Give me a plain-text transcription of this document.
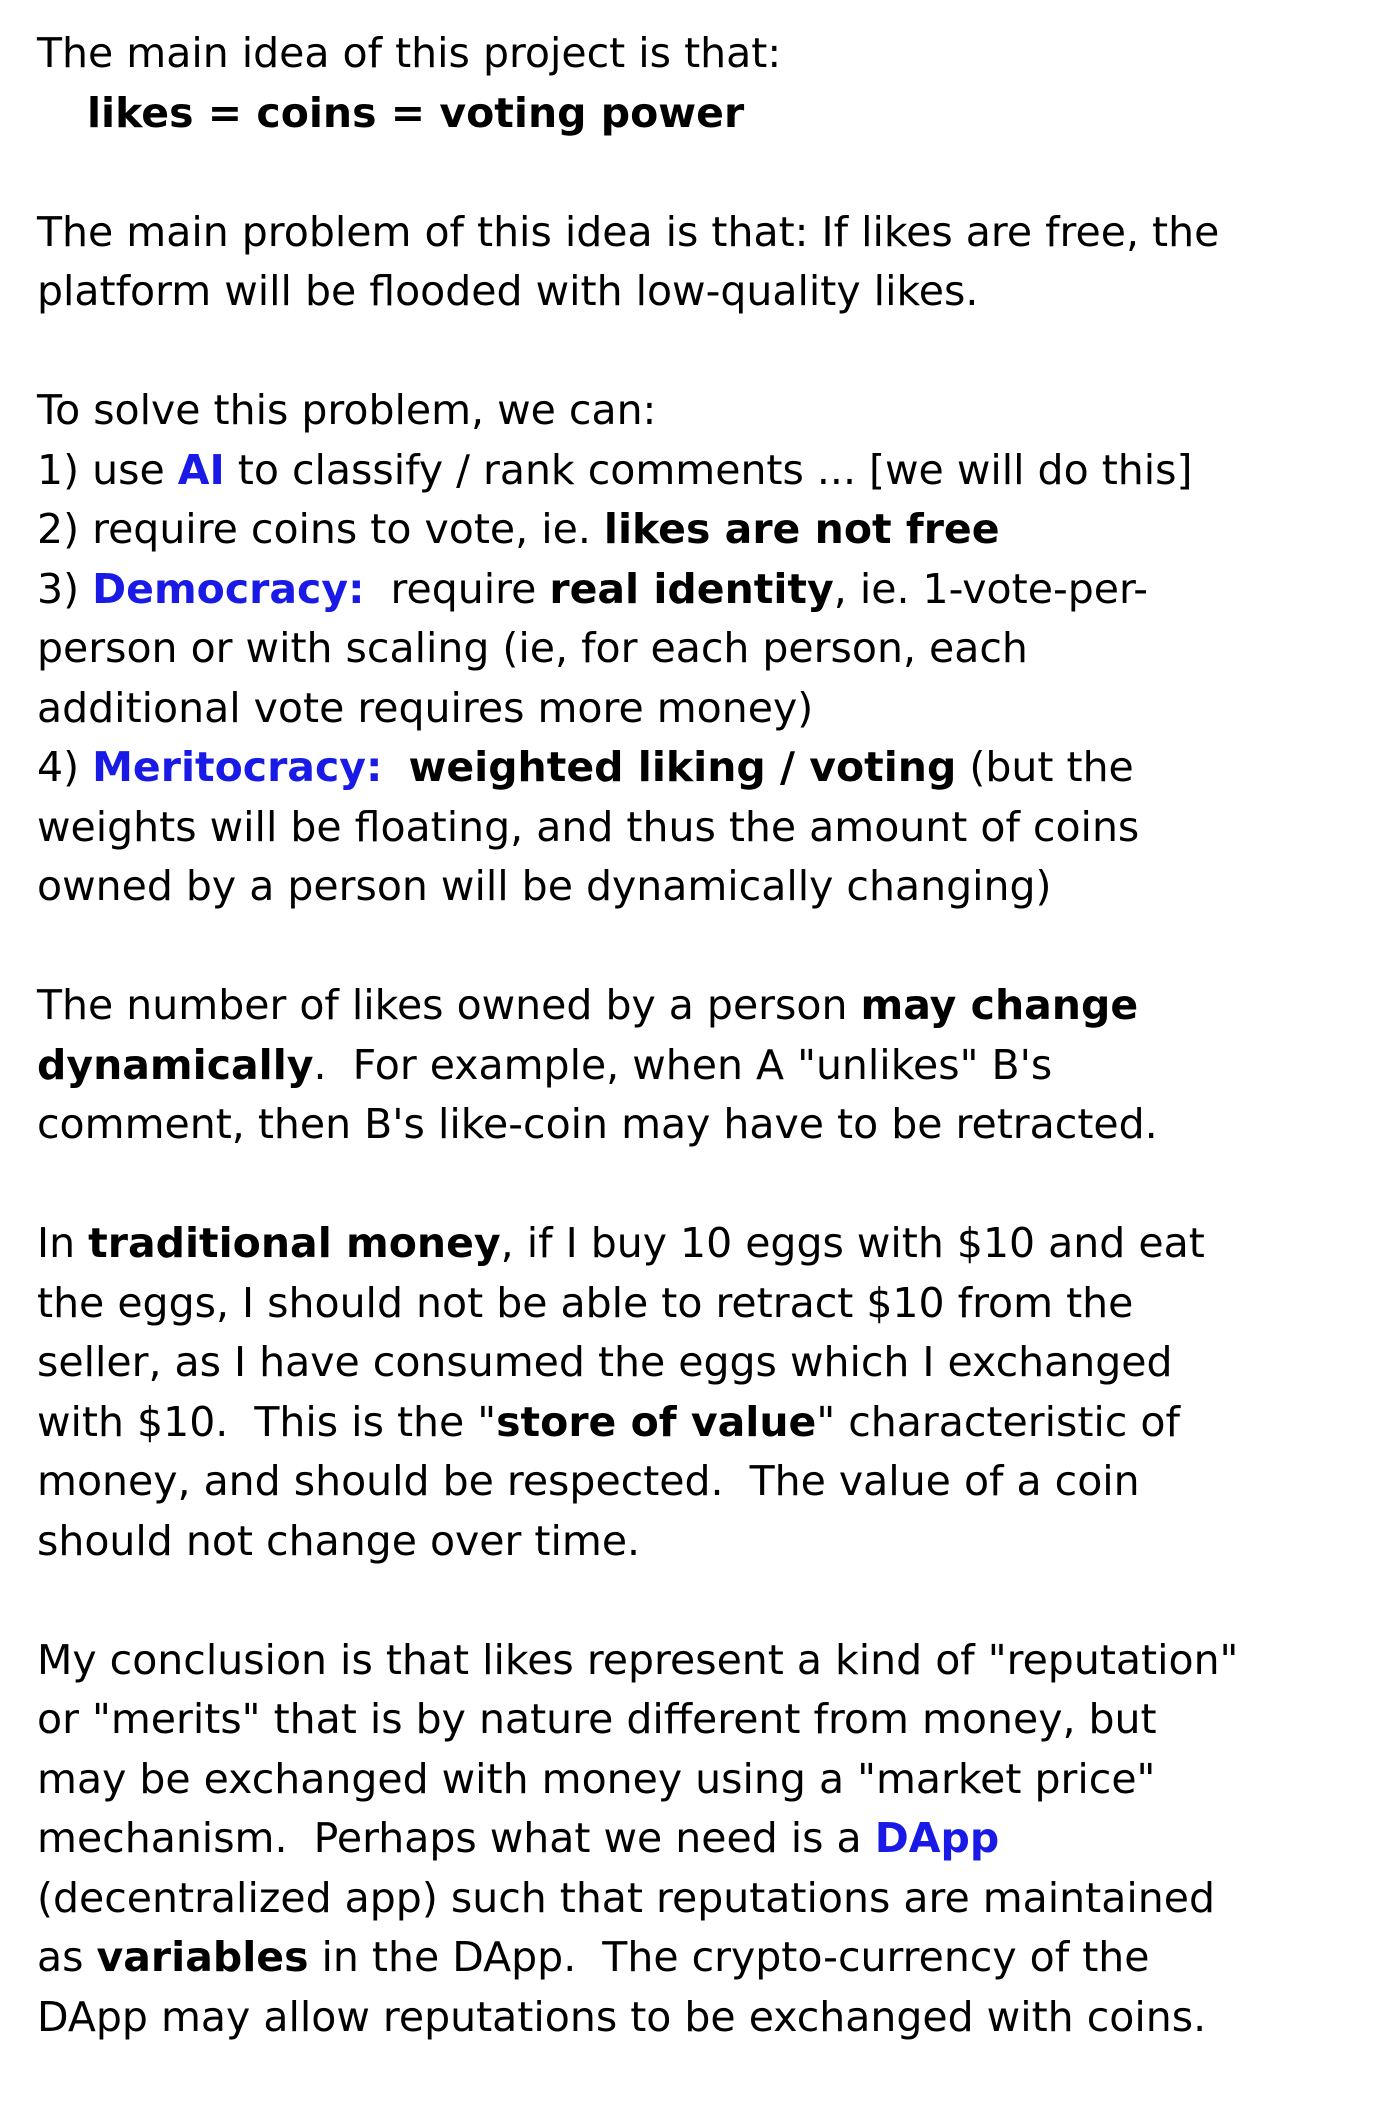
The main idea of this project is that:
likes = coins = voting power
The main problem of this idea is that: If likes are free, the
platform will be flooded with low-quality likes.
To solve this problem, we can:
1) use AI to classify / rank comments ... [we will do this]
2) require coins to vote, ie. likes are not free
3) Democracy:  require real identity, ie. 1-vote-per-
person or with scaling (ie, for each person, each
additional vote requires more money)
4) Meritocracy: weighted liking / voting (but the
weights will be floating, and thus the amount of coins
owned by a person will be dynamically changing)
The number of likes owned by a person may change
dynamically.  For example, when A "unlikes" B's
comment, then B's like-coin may have to be retracted.
In traditional money, if I buy 10 eggs with $10 and eat
the eggs, I should not be able to retract $10 from the
seller, as I have consumed the eggs which I exchanged
with $10.  This is the "store of value" characteristic of
money, and should be respected.  The value of a coin
should not change over time.
My conclusion is that likes represent a kind of "reputation"
or "merits" that is by nature different from money, but
may be exchanged with money using a "market price"
mechanism.  Perhaps what we need is a DApp
(decentralized app) such that reputations are maintained
as variables in the DApp.  The crypto-currency of the
DApp may allow reputations to be exchanged with coins.
